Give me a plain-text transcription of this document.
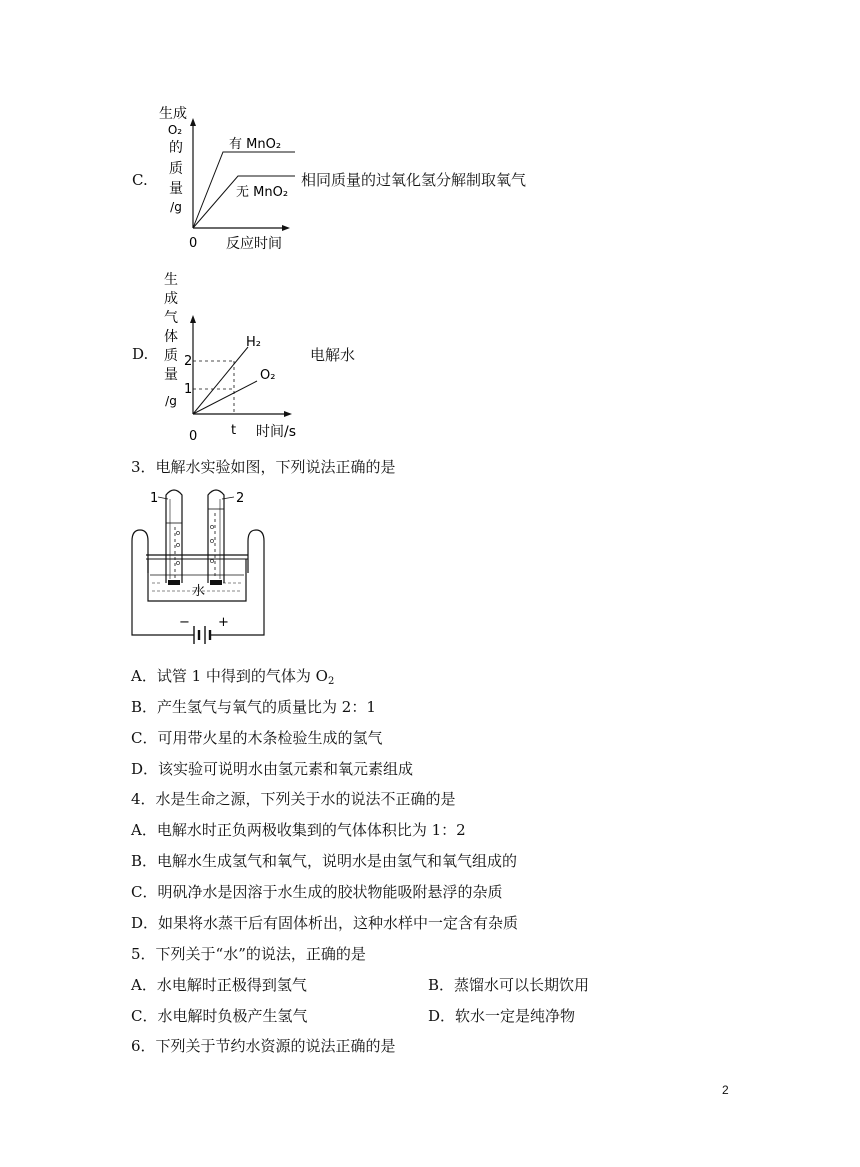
C.
生成
O₂
的
质
量
/g
有 MnO₂
无 MnO₂
0 反应时间
相同质量的过氧化氢分解制取氧气
D.
生
成
气
体
质
量
/g
H₂
O₂
2
1
0	t 时间/s
电解水
3．电解水实验如图，下列说法正确的是
1	2
水
− +
A．试管 1 中得到的气体为 $O_2$
B．产生氢气与氧气的质量比为 2：1
C．可用带火星的木条检验生成的氢气
D．该实验可说明水由氢元素和氧元素组成
4．水是生命之源，下列关于水的说法不正确的是
A．电解水时正负两极收集到的气体体积比为 1：2
B．电解水生成氢气和氧气，说明水是由氢气和氧气组成的
C．明矾净水是因溶于水生成的胶状物能吸附悬浮的杂质
D．如果将水蒸干后有固体析出，这种水样中一定含有杂质
5．下列关于“水”的说法，正确的是
A．水电解时正极得到氢气	B．蒸馏水可以长期饮用
C．水电解时负极产生氢气	D．软水一定是纯净物
6．下列关于节约水资源的说法正确的是
2
